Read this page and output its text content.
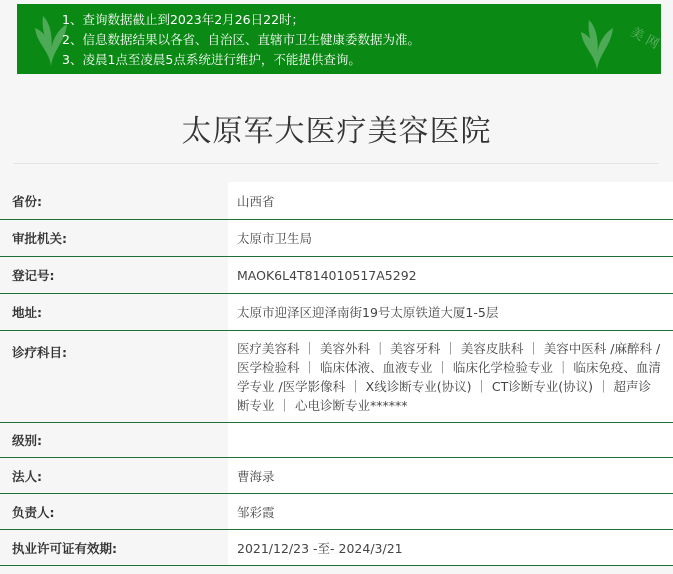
美网
1、查询数据截止到2023年2月26日22时；
2、信息数据结果以各省、自治区、直辖市卫生健康委数据为准。
3、凌晨1点至凌晨5点系统进行维护，不能提供查询。
太原军大医疗美容医院
省份:	山西省
审批机关:	太原市卫生局
登记号:	MAOK6L4T814010517A5292
地址:	太原市迎泽区迎泽南街19号太原铁道大厦1-5层
诊疗科目:	医疗美容科 ｜ 美容外科 ｜ 美容牙科 ｜ 美容皮肤科 ｜ 美容中医科 /麻醉科 /医学检验科 ｜ 临床体液、血液专业 ｜ 临床化学检验专业 ｜ 临床免疫、血清学专业 /医学影像科 ｜ X线诊断专业(协议) ｜ CT诊断专业(协议) ｜ 超声诊断专业 ｜ 心电诊断专业******
级别:
法人:	曹海录
负责人:	邹彩霞
执业许可证有效期:	2021/12/23 -至- 2024/3/21
